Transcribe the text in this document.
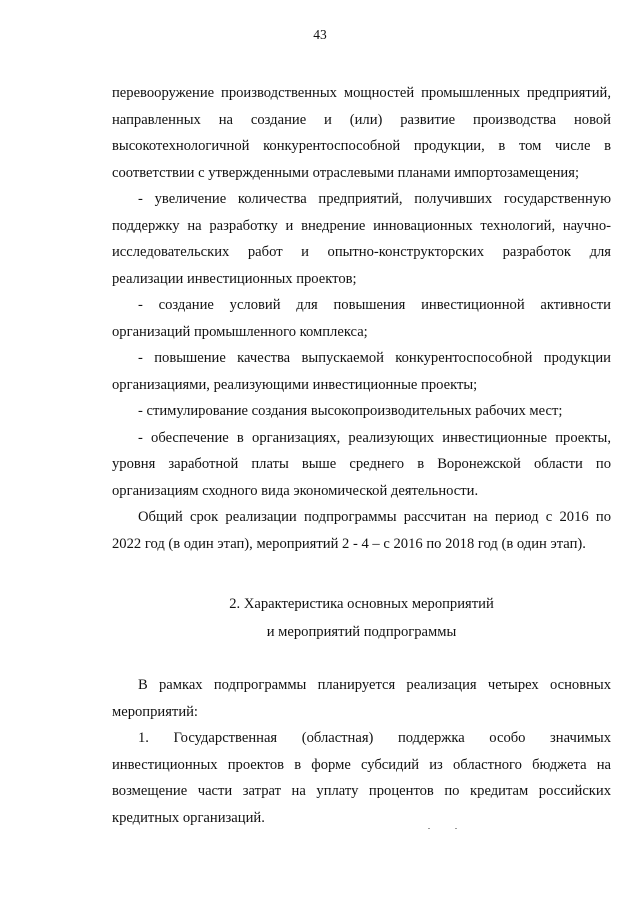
43

перевооружение производственных мощностей промышленных предприятий, направленных на создание и (или) развитие производства новой высокотехнологичной конкурентоспособной продукции, в том числе в соответствии с утвержденными отраслевыми планами импортозамещения;

- увеличение количества предприятий, получивших государственную поддержку на разработку и внедрение инновационных технологий, научно-исследовательских работ и опытно-конструкторских разработок для реализации инвестиционных проектов;

- создание условий для повышения инвестиционной активности организаций промышленного комплекса;

- повышение качества выпускаемой конкурентоспособной продукции организациями, реализующими инвестиционные проекты;

- стимулирование создания высокопроизводительных рабочих мест;

- обеспечение в организациях, реализующих инвестиционные проекты, уровня заработной платы выше среднего в Воронежской области по организациям сходного вида экономической деятельности.

Общий срок реализации подпрограммы рассчитан на период с 2016 по 2022 год (в один этап), мероприятий 2 - 4 – с 2016 по 2018 год (в один этап).

2. Характеристика основных мероприятий

и мероприятий подпрограммы

В рамках подпрограммы планируется реализация четырех основных мероприятий:

1. Государственная (областная) поддержка особо значимых инвестиционных проектов в форме субсидий из областного бюджета на возмещение части затрат на уплату процентов по кредитам российских кредитных организаций.
